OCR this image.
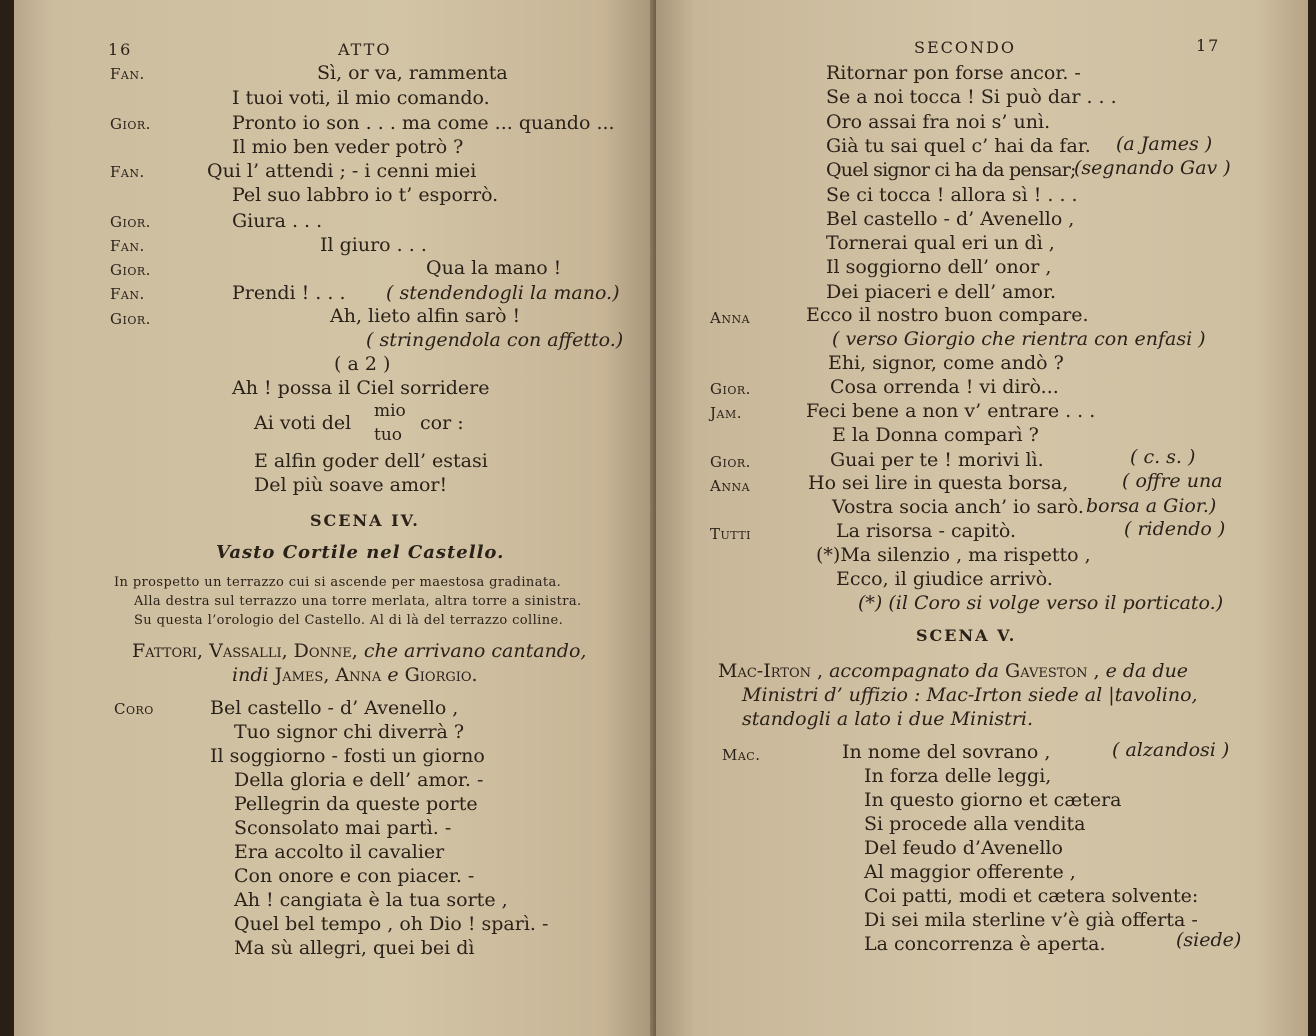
16	ATTO
Fan.	Sì, or va, rammenta
I tuoi voti, il mio comando.
Gior.	Pronto io son . . . ma come ... quando ...
Il mio ben veder potrò ?
Fan.	Qui l’ attendi ; - i cenni miei
Pel suo labbro io t’ esporrò.
Gior.	Giura . . .
Fan.	Il giuro . . .
Gior.	Qua la mano !
Fan.	Prendi ! . . . ( stendendogli la mano.)
Gior.	Ah, lieto alfin sarò !
( stringendola con affetto.)
( a 2 )
Ah ! possa il Ciel sorridere
Ai voti del
mio
tuo
cor :
E alfin goder dell’ estasi
Del più soave amor!
SCENA IV.
Vasto Cortile nel Castello.
In prospetto un terrazzo cui si ascende per maestosa gradinata.
Alla destra sul terrazzo una torre merlata, altra torre a sinistra.
Su questa l’orologio del Castello. Al di là del terrazzo colline.
Fattori, Vassalli, Donne, che arrivano cantando,
indi James, Anna e Giorgio.
Coro	Bel castello - d’ Avenello ,
Tuo signor chi diverrà ?
Il soggiorno - fosti un giorno
Della gloria e dell’ amor. -
Pellegrin da queste porte
Sconsolato mai partì. -
Era accolto il cavalier
Con onore e con piacer. -
Ah ! cangiata è la tua sorte ,
Quel bel tempo , oh Dio ! sparì. -
Ma sù allegri, quei bei dì
SECONDO	17
Ritornar pon forse ancor. -
Se a noi tocca ! Si può dar . . .
Oro assai fra noi s’ unì.
Già tu sai quel c’ hai da far. (a James )
Quel signor ci ha da pensar;
(segnando Gav )
Se ci tocca ! allora sì ! . . .
Bel castello - d’ Avenello ,
Tornerai qual eri un dì ,
Il soggiorno dell’ onor ,
Dei piaceri e dell’ amor.
Anna	Ecco il nostro buon compare.
( verso Giorgio che rientra con enfasi )
Ehi, signor, come andò ?
Gior.	Cosa orrenda ! vi dirò...
Jam.	Feci bene a non v’ entrare . . .
E la Donna comparì ?
Gior.	Guai per te ! morivi lì.	( c. s. )
Anna	Ho sei lire in questa borsa,	( offre una
Vostra socia anch’ io sarò. borsa a Gior.)
Tutti	La risorsa - capitò.	( ridendo )
(*)Ma silenzio , ma rispetto ,
Ecco, il giudice arrivò.
(*) (il Coro si volge verso il porticato.)
SCENA V.
Mac-Irton , accompagnato da Gaveston , e da due
Ministri d’ uffizio : Mac-Irton siede al |tavolino,
standogli a lato i due Ministri.
Mac.	In nome del sovrano ,	( alzandosi )
In forza delle leggi,
In questo giorno et cætera
Si procede alla vendita
Del feudo d’Avenello
Al maggior offerente ,
Coi patti, modi et cætera solvente:
Di sei mila sterline v’è già offerta -
La concorrenza è aperta.	(siede)
